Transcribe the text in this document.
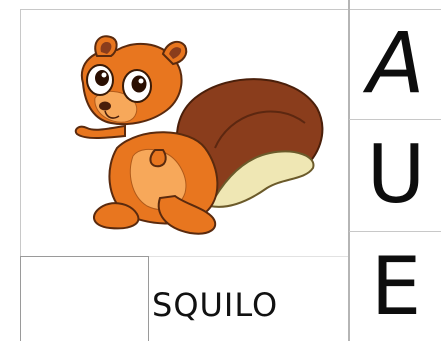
SQUILO
A
U
E
